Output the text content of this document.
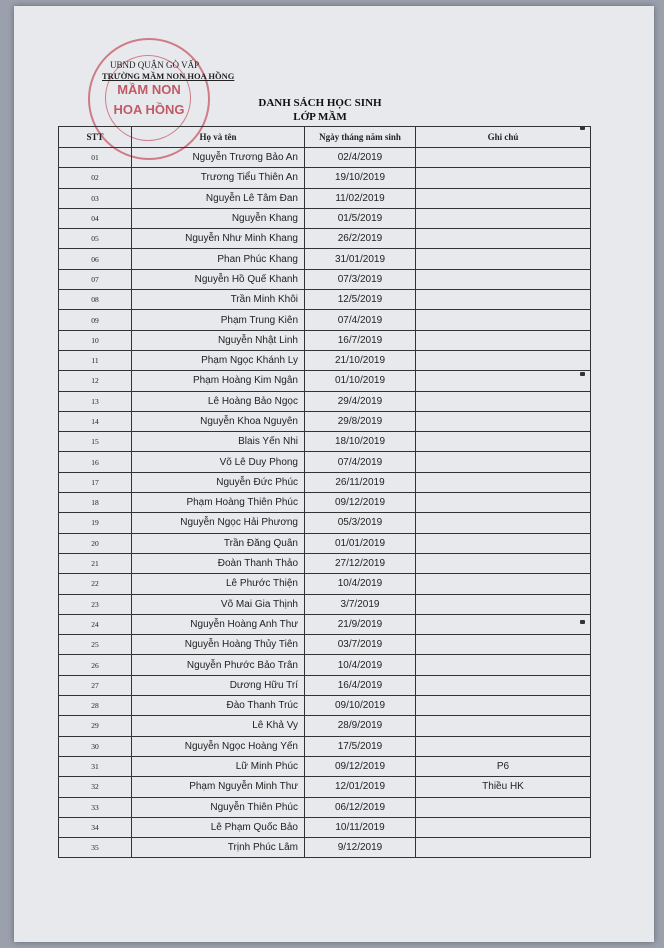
MẦM NON
HOA HỒNG
UBND QUẬN GÒ VẤP
TRƯỜNG MẦM NON HOA HỒNG
DANH SÁCH HỌC SINH
LỚP MẦM
STT	Họ và tên	Ngày tháng năm sinh	Ghi chú
01	Nguyễn Trương Bảo An	02/4/2019	
02	Trương Tiểu Thiên An	19/10/2019	
03	Nguyễn Lê Tâm Đan	11/02/2019	
04	Nguyễn Khang	01/5/2019	
05	Nguyễn Như Minh Khang	26/2/2019	
06	Phan Phúc Khang	31/01/2019	
07	Nguyễn Hồ Quế Khanh	07/3/2019	
08	Trần Minh Khôi	12/5/2019	
09	Phạm Trung Kiên	07/4/2019	
10	Nguyễn Nhật Linh	16/7/2019	
11	Phạm Ngọc Khánh Ly	21/10/2019	
12	Phạm Hoàng Kim Ngân	01/10/2019	
13	Lê Hoàng Bảo Ngọc	29/4/2019	
14	Nguyễn Khoa Nguyên	29/8/2019	
15	Blais Yến Nhi	18/10/2019	
16	Võ Lê Duy Phong	07/4/2019	
17	Nguyễn Đức Phúc	26/11/2019	
18	Phạm Hoàng Thiên Phúc	09/12/2019	
19	Nguyễn Ngọc Hải Phương	05/3/2019	
20	Trần Đăng Quân	01/01/2019	
21	Đoàn Thanh Thảo	27/12/2019	
22	Lê Phước Thiện	10/4/2019	
23	Võ Mai Gia Thịnh	3/7/2019	
24	Nguyễn Hoàng Anh Thư	21/9/2019	
25	Nguyễn Hoàng Thủy Tiên	03/7/2019	
26	Nguyễn Phước Bảo Trân	10/4/2019	
27	Dương Hữu Trí	16/4/2019	
28	Đào Thanh Trúc	09/10/2019	
29	Lê Khả Vy	28/9/2019	
30	Nguyễn Ngọc Hoàng Yến	17/5/2019	
31	Lữ Minh Phúc	09/12/2019	P6
32	Phạm Nguyễn Minh Thư	12/01/2019	Thiều HK
33	Nguyễn Thiên Phúc	06/12/2019	
34	Lê Phạm Quốc Bảo	10/11/2019	
35	Trịnh Phúc Lâm	9/12/2019	
